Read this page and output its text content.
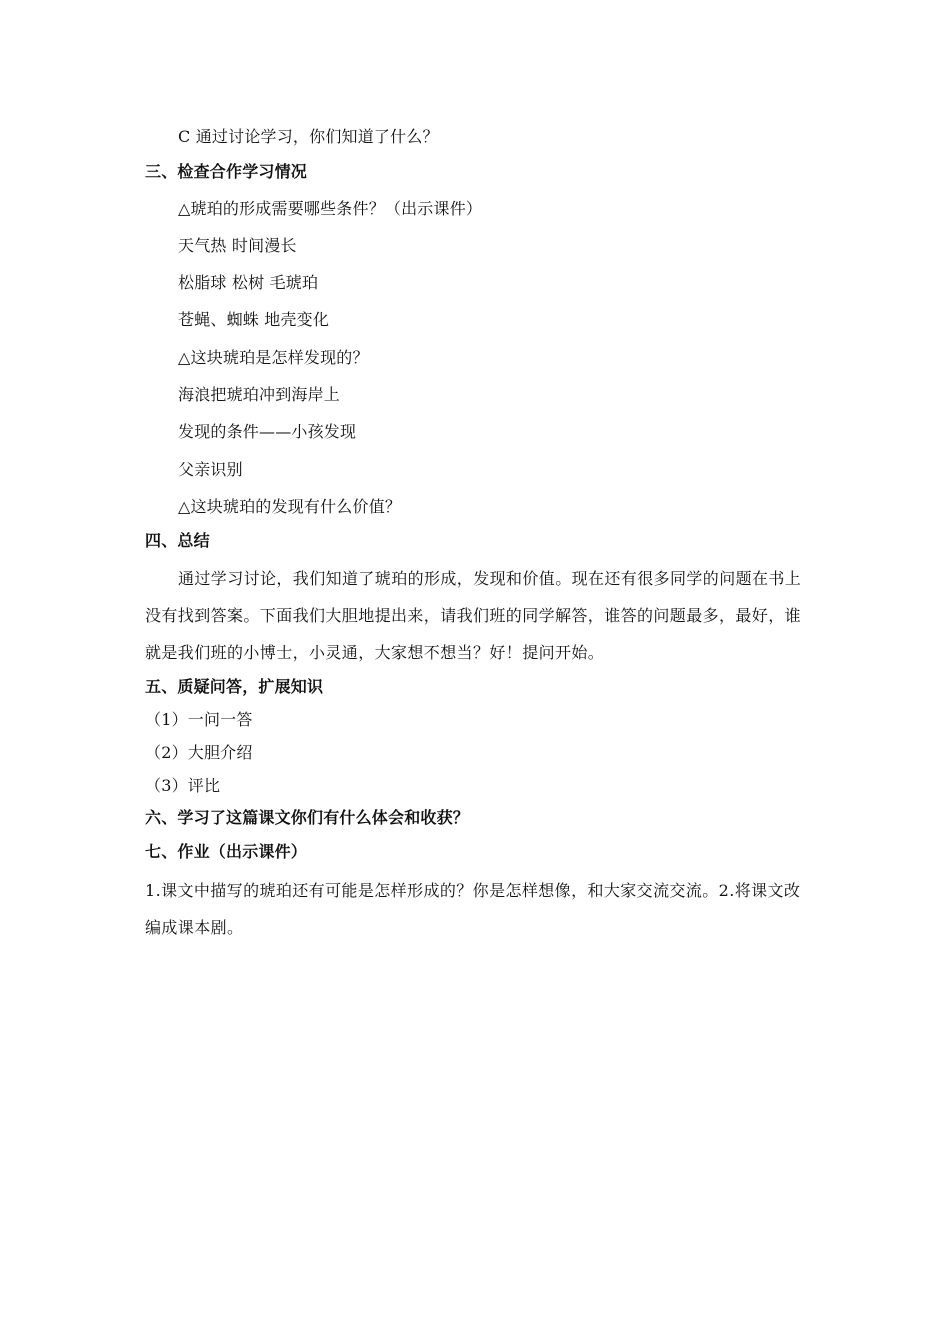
C 通过讨论学习，你们知道了什么？
三、检查合作学习情况
△琥珀的形成需要哪些条件？（出示课件）
天气热 时间漫长
松脂球 松树 毛琥珀
苍蝇、蜘蛛 地壳变化
△这块琥珀是怎样发现的？
海浪把琥珀冲到海岸上
发现的条件——小孩发现
父亲识别
△这块琥珀的发现有什么价值？
四、总结
通过学习讨论，我们知道了琥珀的形成，发现和价值。现在还有很多同学的问题在书上没有找到答案。下面我们大胆地提出来，请我们班的同学解答，谁答的问题最多，最好，谁就是我们班的小博士，小灵通，大家想不想当？好！提问开始。
五、质疑问答，扩展知识
（1）一问一答
（2）大胆介绍
（3）评比
六、学习了这篇课文你们有什么体会和收获？
七、作业（出示课件）
1.课文中描写的琥珀还有可能是怎样形成的？你是怎样想像，和大家交流交流。2.将课文改编成课本剧。
